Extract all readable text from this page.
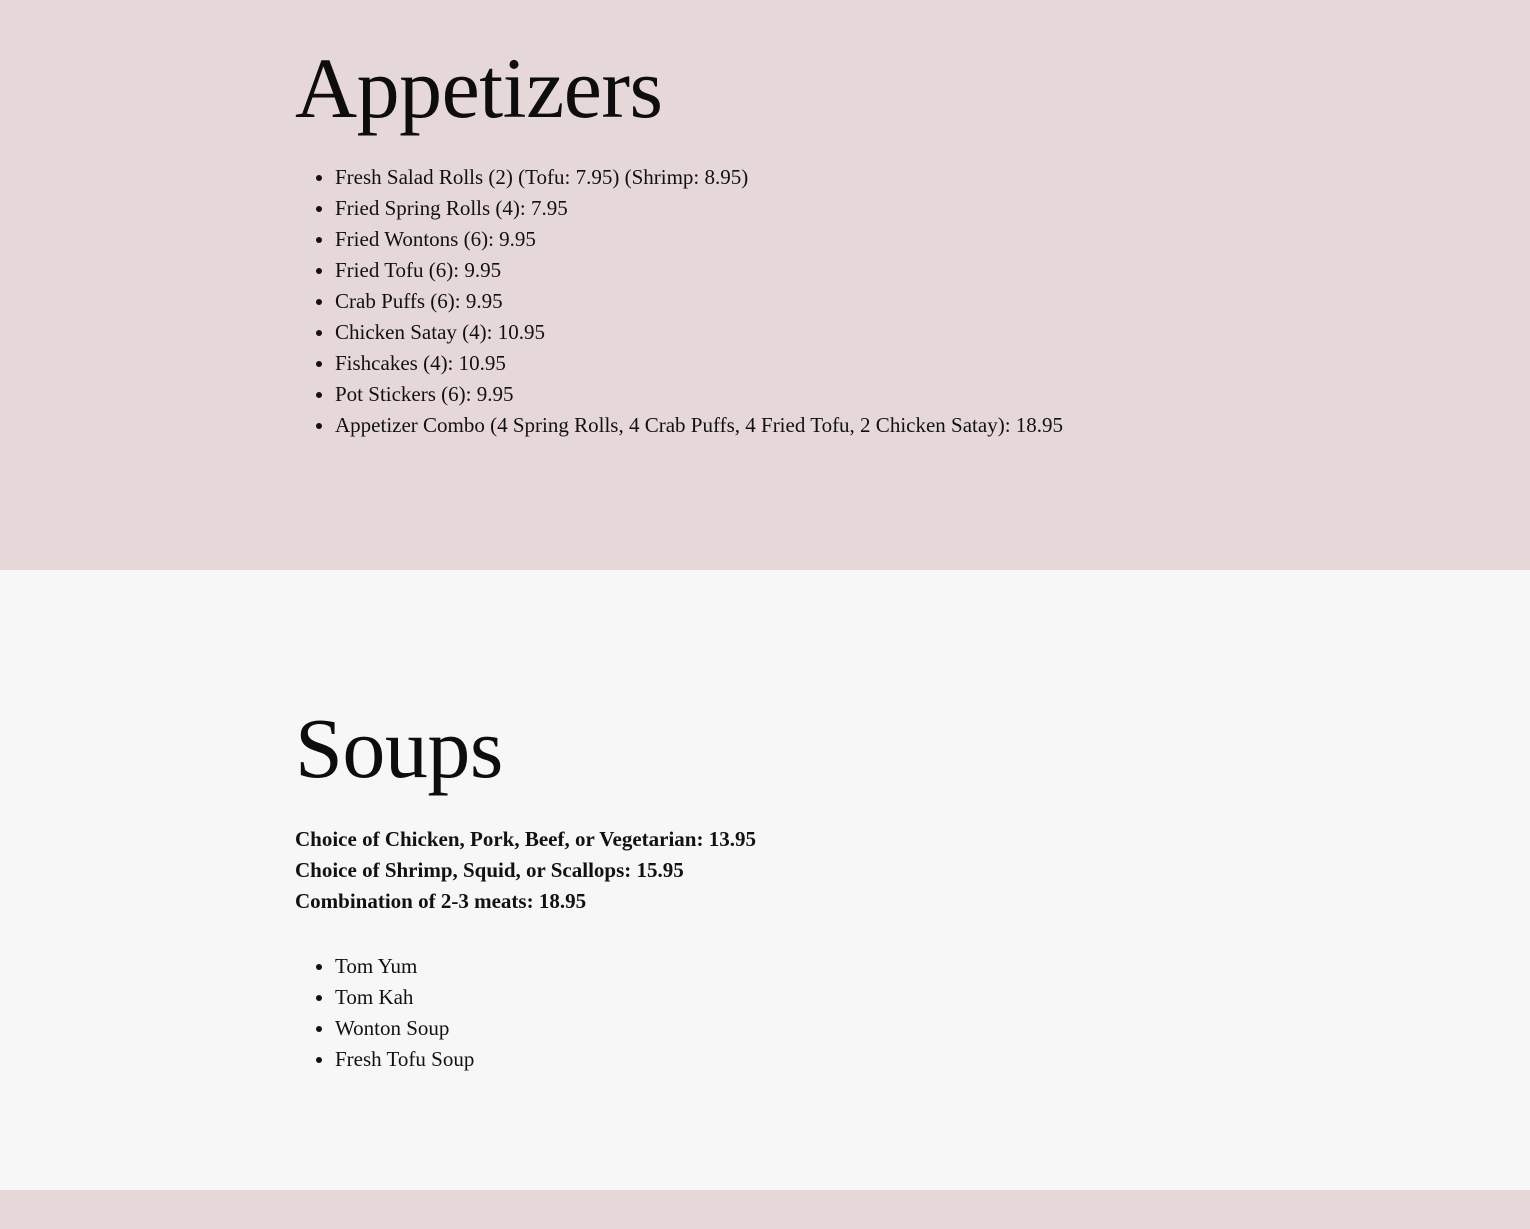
Appetizers
• Fresh Salad Rolls (2) (Tofu: 7.95) (Shrimp: 8.95)
• Fried Spring Rolls (4): 7.95
• Fried Wontons (6): 9.95
• Fried Tofu (6): 9.95
• Crab Puffs (6): 9.95
• Chicken Satay (4): 10.95
• Fishcakes (4): 10.95
• Pot Stickers (6): 9.95
• Appetizer Combo (4 Spring Rolls, 4 Crab Puffs, 4 Fried Tofu, 2 Chicken Satay): 18.95
Soups

Choice of Chicken, Pork, Beef, or Vegetarian: 13.95

Choice of Shrimp, Squid, or Scallops: 15.95

Combination of 2-3 meats: 18.95

• Tom Yum
• Tom Kah
• Wonton Soup
• Fresh Tofu Soup
